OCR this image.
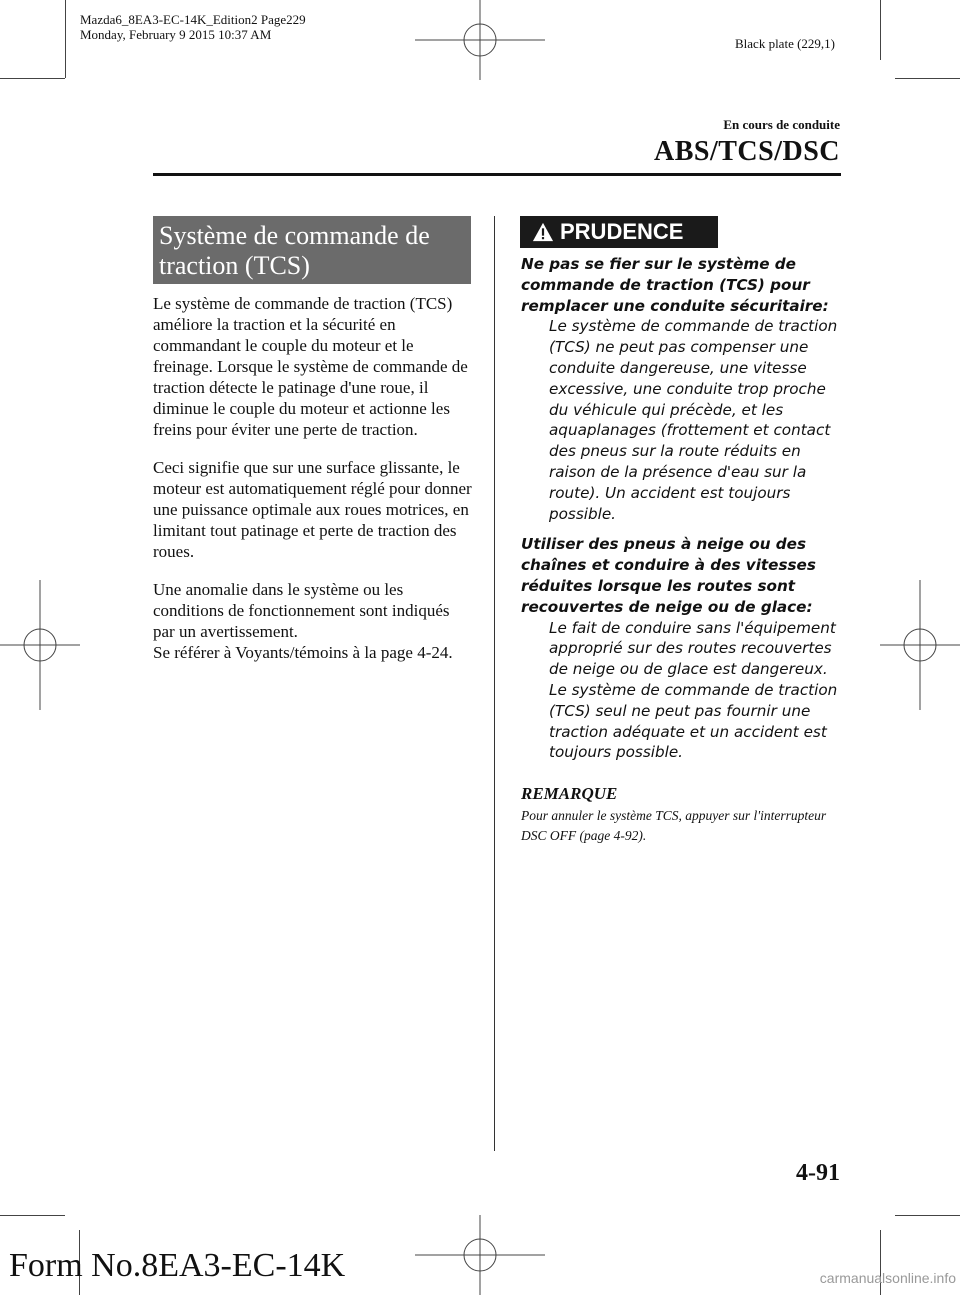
Mazda6_8EA3-EC-14K_Edition2 Page229
Monday, February 9 2015 10:37 AM
Black plate (229,1)
En cours de conduite
ABS/TCS/DSC
Système de commande de
traction (TCS)

Le système de commande de traction (TCS) améliore la traction et la sécurité en commandant le couple du moteur et le freinage. Lorsque le système de commande de traction détecte le patinage d'une roue, il diminue le couple du moteur et actionne les freins pour éviter une perte de traction.

Ceci signifie que sur une surface glissante, le moteur est automatiquement réglé pour donner une puissance optimale aux roues motrices, en limitant tout patinage et perte de traction des roues.

Une anomalie dans le système ou les conditions de fonctionnement sont indiqués par un avertissement.

Se référer à Voyants/témoins à la page 4-24.

PRUDENCE

Ne pas se fier sur le système de commande de traction (TCS) pour remplacer une conduite sécuritaire:

Le système de commande de traction (TCS) ne peut pas compenser une conduite dangereuse, une vitesse excessive, une conduite trop proche du véhicule qui précède, et les aquaplanages (frottement et contact des pneus sur la route réduits en raison de la présence d'eau sur la route). Un accident est toujours possible.

Utiliser des pneus à neige ou des chaînes et conduire à des vitesses réduites lorsque les routes sont recouvertes de neige ou de glace:

Le fait de conduire sans l'équipement approprié sur des routes recouvertes de neige ou de glace est dangereux. Le système de commande de traction (TCS) seul ne peut pas fournir une traction adéquate et un accident est toujours possible.

REMARQUE
Pour annuler le système TCS, appuyer sur l'interrupteur DSC OFF (page 4-92).
4-91
Form No.8EA3-EC-14K	carmanualsonline.info
